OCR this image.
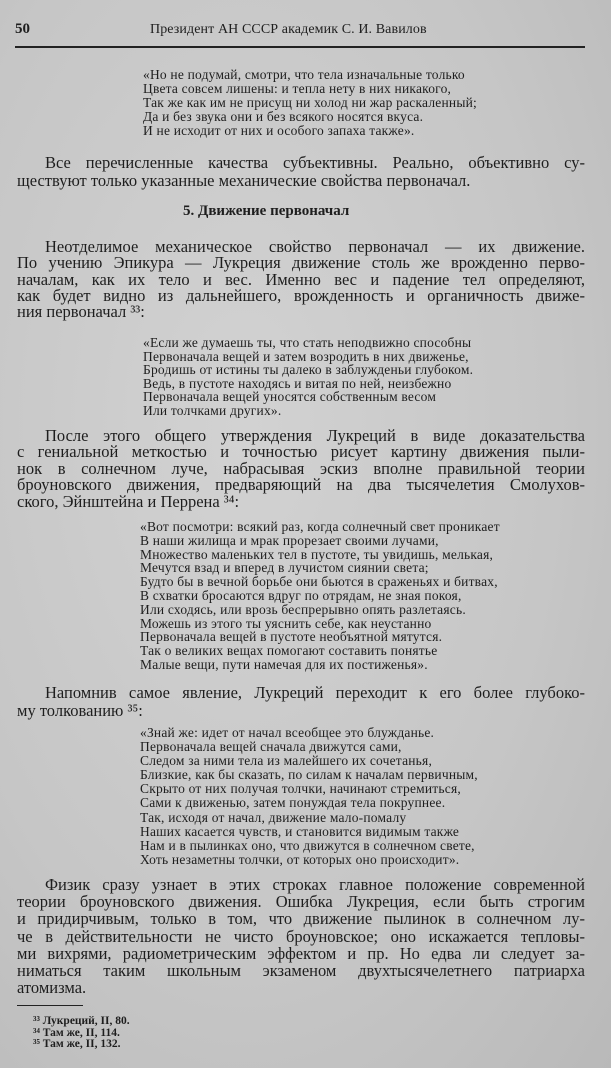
50	Президент АН СССР академик С. И. Вавилов
5. Движение первоначал
«Но не подумай, смотри, что тела изначальные только
Цвета совсем лишены: и тепла нету в них никакого,
Так же как им не присущ ни холод ни жар раскаленный;
Да и без звука они и без всякого носятся вкуса.
И не исходит от них и особого запаха также».
Все перечисленные качества субъективны. Реально, объективно су-
ществуют только указанные механические свойства первоначал.
Неотделимое механическое свойство первоначал — их движение.
По учению Эпикура — Лукреция движение столь же врожденно перво-
началам, как их тело и вес. Именно вес и падение тел определяют,
как будет видно из дальнейшего, врожденность и органичность движе-
ния первоначал ³³:
«Если же думаешь ты, что стать неподвижно способны
Первоначала вещей и затем возродить в них движенье,
Бродишь от истины ты далеко в заблужденьи глубоком.
Ведь, в пустоте находясь и витая по ней, неизбежно
Первоначала вещей уносятся собственным весом
Или толчками других».
После этого общего утверждения Лукреций в виде доказательства
с гениальной меткостью и точностью рисует картину движения пыли-
нок в солнечном луче, набрасывая эскиз вполне правильной теории
броуновского движения, предваряющий на два тысячелетия Смолухов-
ского, Эйнштейна и Перрена ³⁴:
«Вот посмотри: всякий раз, когда солнечный свет проникает
В наши жилища и мрак прорезает своими лучами,
Множество маленьких тел в пустоте, ты увидишь, мелькая,
Мечутся взад и вперед в лучистом сиянии света;
Будто бы в вечной борьбе они бьются в сраженьях и битвах,
В схватки бросаются вдруг по отрядам, не зная покоя,
Или сходясь, или врозь беспрерывно опять разлетаясь.
Можешь из этого ты уяснить себе, как неустанно
Первоначала вещей в пустоте необъятной мятутся.
Так о великих вещах помогают составить понятье
Малые вещи, пути намечая для их постиженья».
Напомнив самое явление, Лукреций переходит к его более глубоко-
му толкованию ³⁵:
«Знай же: идет от начал всеобщее это блужданье.
Первоначала вещей сначала движутся сами,
Следом за ними тела из малейшего их сочетанья,
Близкие, как бы сказать, по силам к началам первичным,
Скрыто от них получая толчки, начинают стремиться,
Сами к движенью, затем понуждая тела покрупнее.
Так, исходя от начал, движение мало-помалу
Наших касается чувств, и становится видимым также
Нам и в пылинках оно, что движутся в солнечном свете,
Хоть незаметны толчки, от которых оно происходит».
Физик сразу узнает в этих строках главное положение современной
теории броуновского движения. Ошибка Лукреция, если быть строгим
и придирчивым, только в том, что движение пылинок в солнечном лу-
че в действительности не чисто броуновское; оно искажается тепловы-
ми вихрями, радиометрическим эффектом и пр. Но едва ли следует за-
ниматься таким школьным экзаменом двухтысячелетнего патриарха
атомизма.
³³ Лукреций, II, 80.
³⁴ Там же, II, 114.
³⁵ Там же, II, 132.
